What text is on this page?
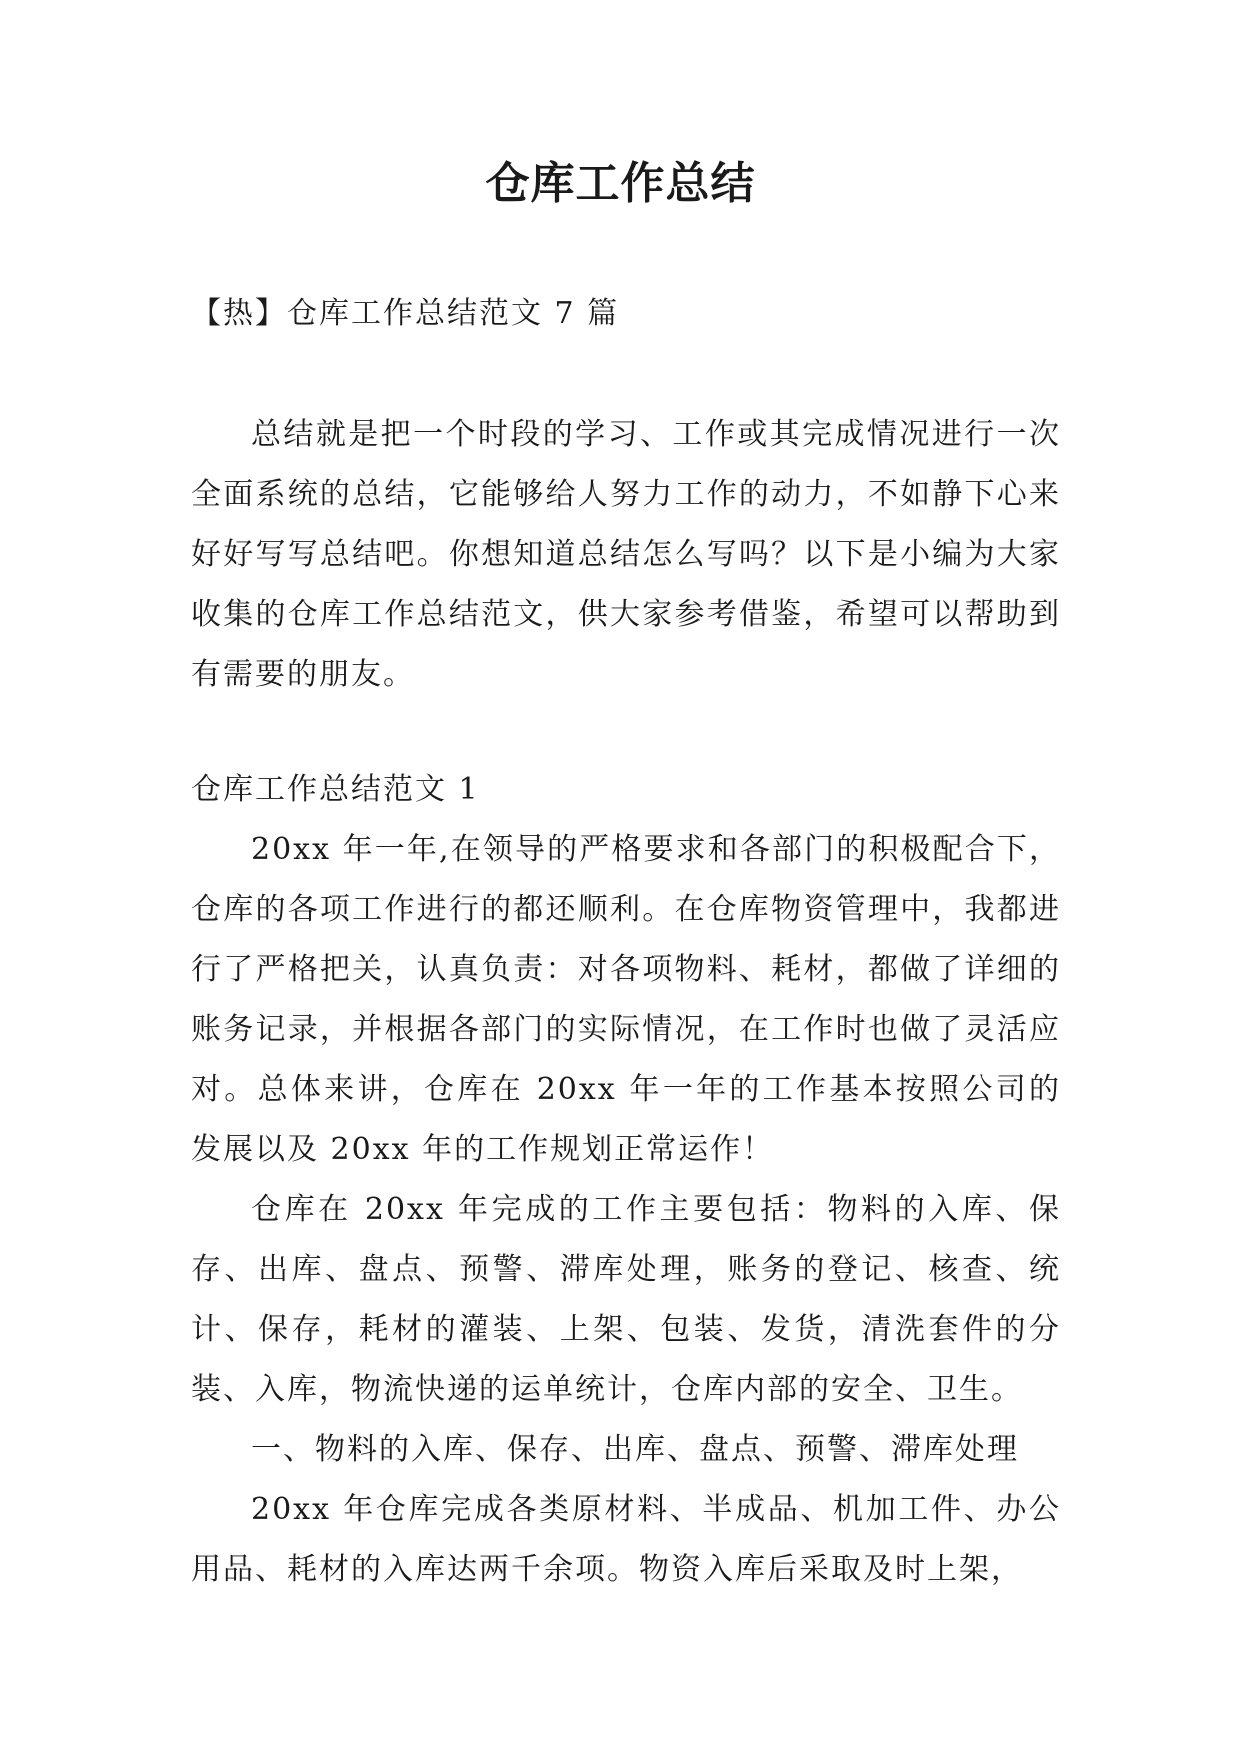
仓库工作总结

【热】仓库工作总结范文 7 篇

总结就是把一个时段的学习、工作或其完成情况进行一次全面系统的总结，它能够给人努力工作的动力，不如静下心来好好写写总结吧。你想知道总结怎么写吗？以下是小编为大家收集的仓库工作总结范文，供大家参考借鉴，希望可以帮助到有需要的朋友。

仓库工作总结范文 1

20xx 年一年,在领导的严格要求和各部门的积极配合下，仓库的各项工作进行的都还顺利。在仓库物资管理中，我都进行了严格把关，认真负责：对各项物料、耗材，都做了详细的账务记录，并根据各部门的实际情况，在工作时也做了灵活应对。总体来讲，仓库在 20xx 年一年的工作基本按照公司的发展以及 20xx 年的工作规划正常运作！

仓库在 20xx 年完成的工作主要包括：物料的入库、保存、出库、盘点、预警、滞库处理，账务的登记、核查、统计、保存，耗材的灌装、上架、包装、发货，清洗套件的分装、入库，物流快递的运单统计，仓库内部的安全、卫生。

一、物料的入库、保存、出库、盘点、预警、滞库处理

20xx 年仓库完成各类原材料、半成品、机加工件、办公用品、耗材的入库达两千余项。物资入库后采取及时上架，
